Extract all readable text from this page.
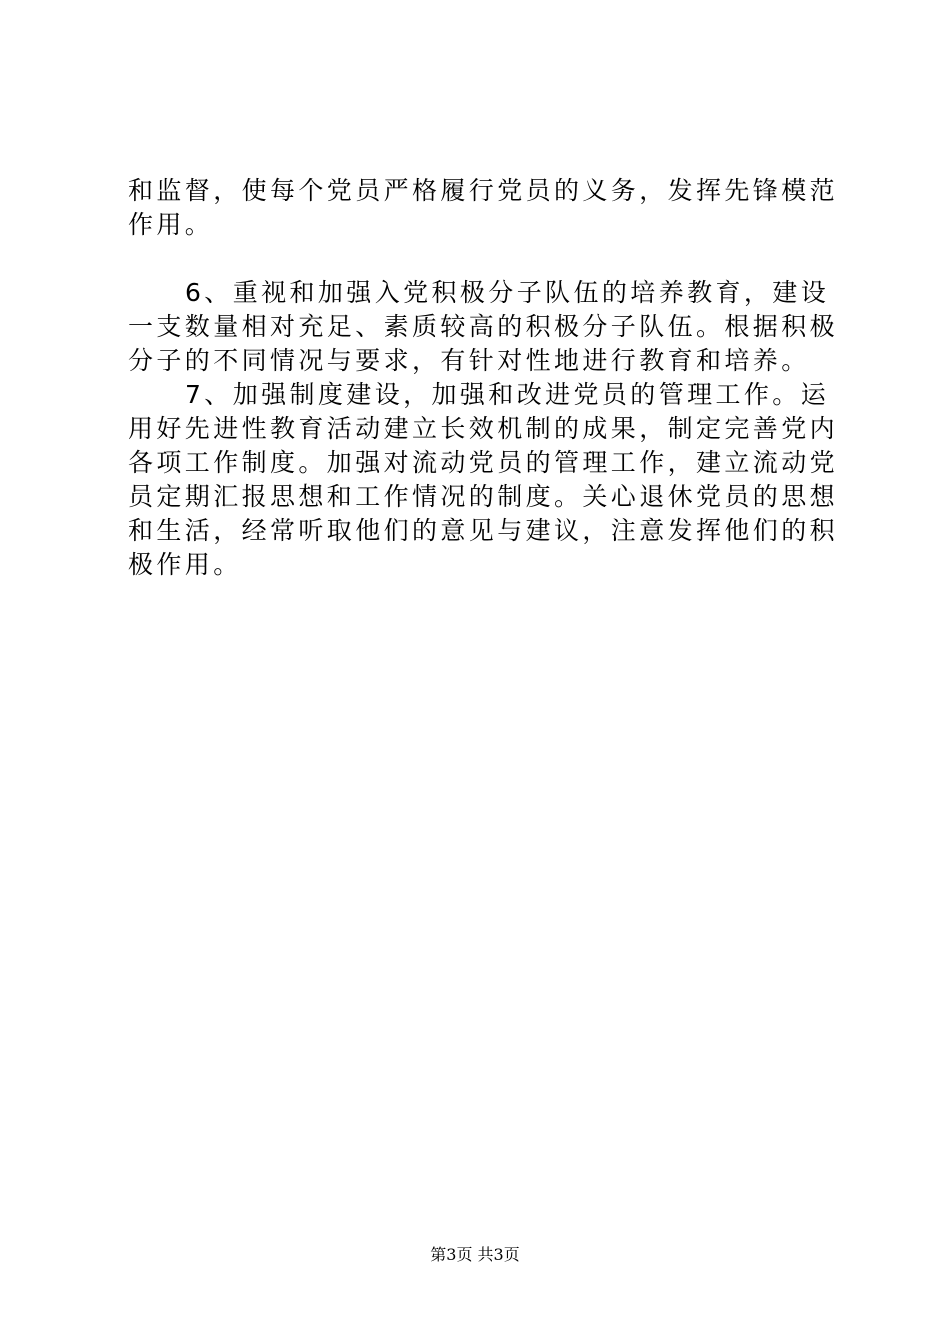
和监督，使每个党员严格履行党员的义务，发挥先锋模范作用。

6、重视和加强入党积极分子队伍的培养教育，建设一支数量相对充足、素质较高的积极分子队伍。根据积极分子的不同情况与要求，有针对性地进行教育和培养。

7、加强制度建设，加强和改进党员的管理工作。运用好先进性教育活动建立长效机制的成果，制定完善党内各项工作制度。加强对流动党员的管理工作，建立流动党员定期汇报思想和工作情况的制度。关心退休党员的思想和生活，经常听取他们的意见与建议，注意发挥他们的积极作用。

第3页 共3页
